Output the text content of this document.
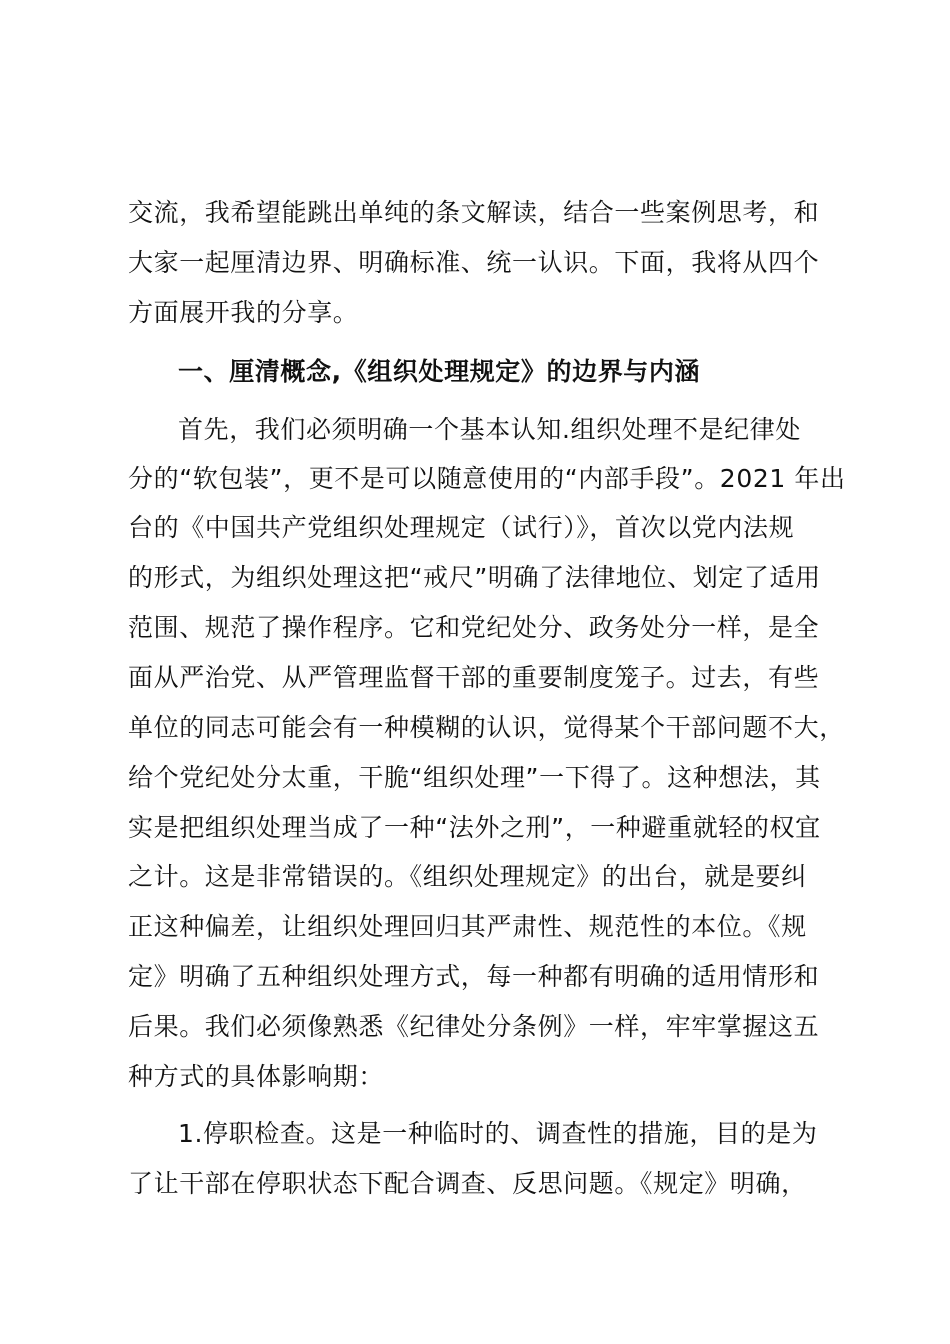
交流，我希望能跳出单纯的条文解读，结合一些案例思考，和
大家一起厘清边界、明确标准、统一认识。下面，我将从四个
方面展开我的分享。
一、厘清概念,《组织处理规定》的边界与内涵
首先，我们必须明确一个基本认知.组织处理不是纪律处
分的“软包装”，更不是可以随意使用的“内部手段”。2021 年出
台的《中国共产党组织处理规定（试行）》，首次以党内法规
的形式，为组织处理这把“戒尺”明确了法律地位、划定了适用
范围、规范了操作程序。它和党纪处分、政务处分一样，是全
面从严治党、从严管理监督干部的重要制度笼子。过去，有些
单位的同志可能会有一种模糊的认识，觉得某个干部问题不大，
给个党纪处分太重，干脆“组织处理”一下得了。这种想法，其
实是把组织处理当成了一种“法外之刑”，一种避重就轻的权宜
之计。这是非常错误的。《组织处理规定》的出台，就是要纠
正这种偏差，让组织处理回归其严肃性、规范性的本位。《规
定》明确了五种组织处理方式，每一种都有明确的适用情形和
后果。我们必须像熟悉《纪律处分条例》一样，牢牢掌握这五
种方式的具体影响期：
1.停职检查。这是一种临时的、调查性的措施，目的是为
了让干部在停职状态下配合调查、反思问题。《规定》明确，
